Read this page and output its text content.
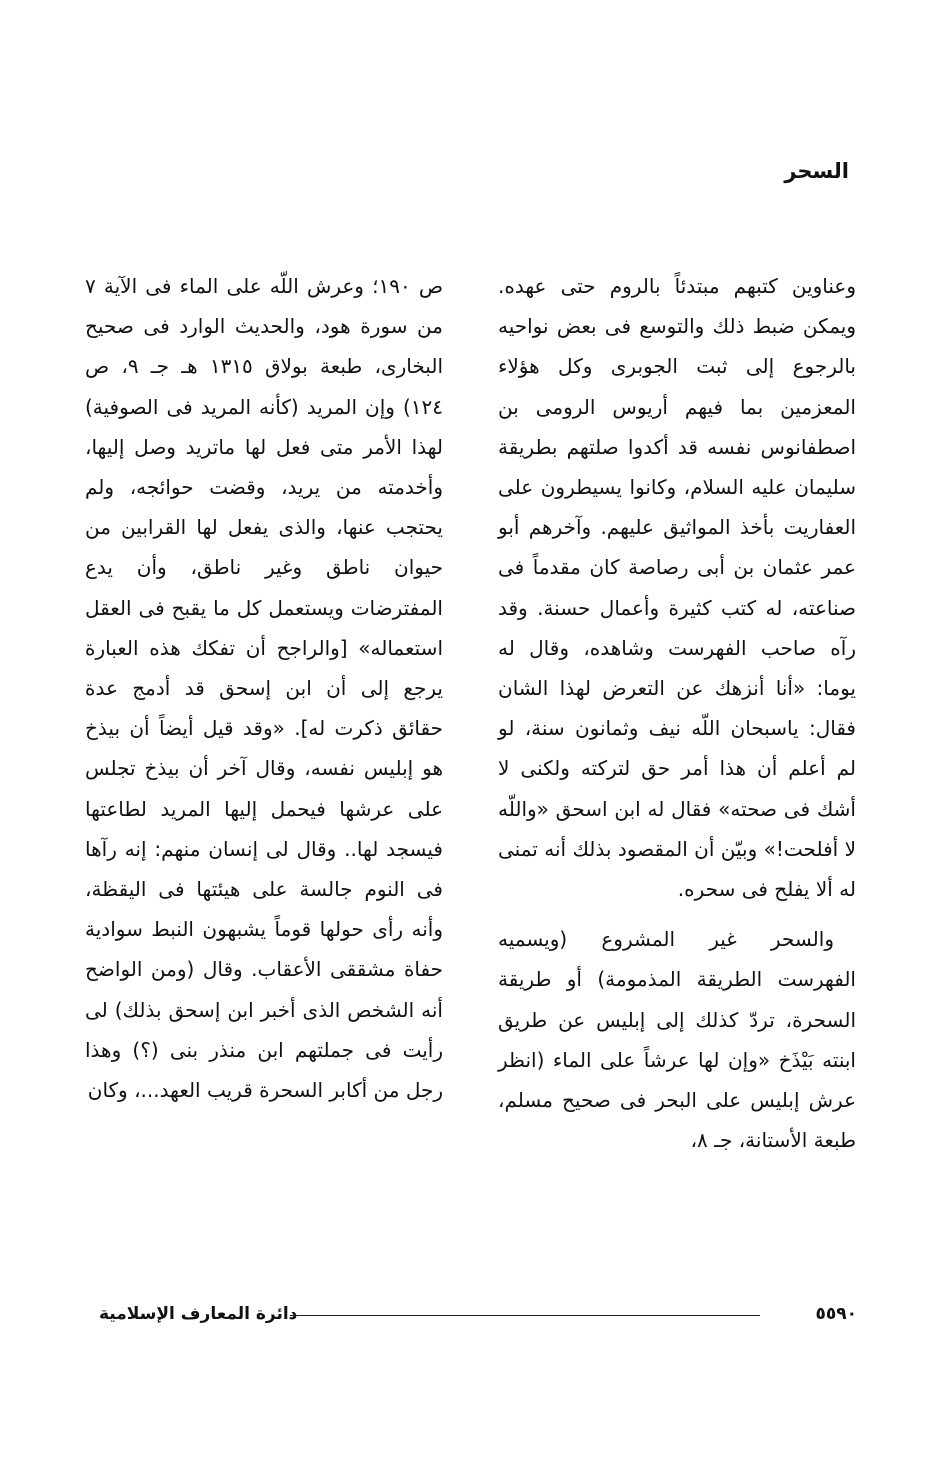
السحر

وعناوين كتبهم مبتدئاً بالروم حتى عهده. ويمكن ضبط ذلك والتوسع فى بعض نواحيه بالرجوع إلى ثبت الجوبرى وكل هؤلاء المعزمين بما فيهم أريوس الرومى بن اصطفانوس نفسه قد أكدوا صلتهم بطريقة سليمان عليه السلام، وكانوا يسيطرون على العفاريت بأخذ المواثيق عليهم. وآخرهم أبو عمر عثمان بن أبى رصاصة كان مقدماً فى صناعته، له كتب كثيرة وأعمال حسنة. وقد رآه صاحب الفهرست وشاهده، وقال له يوما: «أنا أنزهك عن التعرض لهذا الشان فقال: ياسبحان اللّه نيف وثمانون سنة، لو لم أعلم أن هذا أمر حق لتركته ولكنى لا أشك فى صحته» فقال له ابن اسحق «واللّه لا أفلحت!» وبيّن أن المقصود بذلك أنه تمنى له ألا يفلح فى سحره.

والسحر غير المشروع (ويسميه الفهرست الطريقة المذمومة) أو طريقة السحرة، تردّ كذلك إلى إبليس عن طريق ابنته بَيْذَخ «وإن لها عرشاً على الماء (انظر عرش إبليس على البحر فى صحيح مسلم، طبعة الأستانة، جـ ٨،

ص ١٩٠؛ وعرش اللّه على الماء فى الآية ٧ من سورة هود، والحديث الوارد فى صحيح البخارى، طبعة بولاق ١٣١٥ هـ جـ ٩، ص ١٢٤) وإن المريد (كأنه المريد فى الصوفية) لهذا الأمر متى فعل لها ماتريد وصل إليها، وأخدمته من يريد، وقضت حوائجه، ولم يحتجب عنها، والذى يفعل لها القرابين من حيوان ناطق وغير ناطق، وأن يدع المفترضات ويستعمل كل ما يقبح فى العقل استعماله» [والراجح أن تفكك هذه العبارة يرجع إلى أن ابن إسحق قد أدمج عدة حقائق ذكرت له]. «وقد قيل أيضاً أن بيذخ هو إبليس نفسه، وقال آخر أن بيذخ تجلس على عرشها فيحمل إليها المريد لطاعتها فيسجد لها.. وقال لى إنسان منهم: إنه رآها فى النوم جالسة على هيئتها فى اليقظة، وأنه رأى حولها قوماً يشبهون النبط سوادية حفاة مشققى الأعقاب. وقال (ومن الواضح أنه الشخص الذى أخبر ابن إسحق بذلك) لى رأيت فى جملتهم ابن منذر بنى (؟) وهذا رجل من أكابر السحرة قريب العهد...، وكان

دائرة المعارف الإسلامية	٥٥٩٠
